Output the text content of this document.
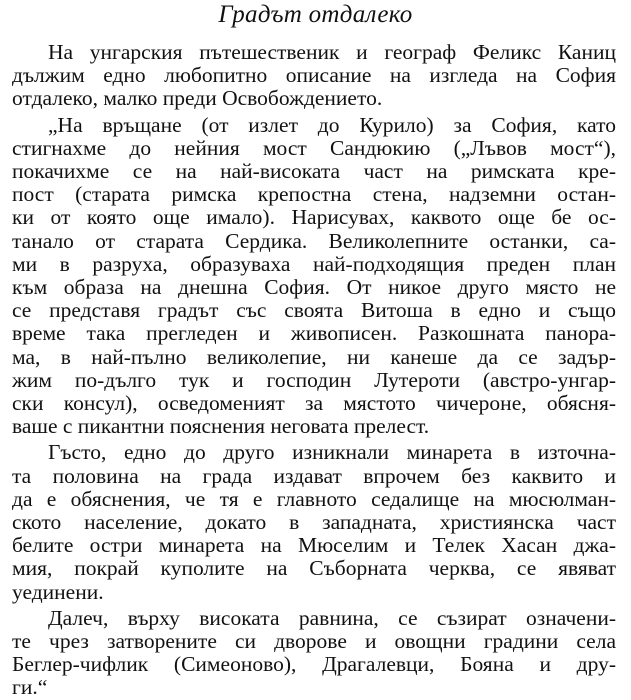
Градът отдалеко
На унгарския пътешественик и географ Феликс Каниц
дължим едно любопитно описание на изгледа на София
отдалеко, малко преди Освобождението.
„На връщане (от излет до Курило) за София, като
стигнахме до нейния мост Сандюкию („Лъвов мост“),
покачихме се на най-високата част на римската кре-
пост (старата римска крепостна стена, надземни остан-
ки от която още имало). Нарисувах, каквото още бе ос-
танало от старата Сердика. Великолепните останки, са-
ми в разруха, образуваха най-подходящия преден план
към образа на днешна София. От никое друго място не
се представя градът със своята Витоша в едно и също
време така прегледен и живописен. Разкошната панора-
ма, в най-пълно великолепие, ни канеше да се задър-
жим по-дълго тук и господин Лутероти (австро-унгар-
ски консул), осведоменият за мястото чичероне, обясня-
ваше с пикантни пояснения неговата прелест.
Гъсто, едно до друго изникнали минарета в източна-
та половина на града издават впрочем без каквито и
да е обяснения, че тя е главното седалище на мюсюлман-
ското население, докато в западната, християнска част
белите остри минарета на Мюселим и Телек Хасан джа-
мия, покрай куполите на Съборната черква, се явяват
уединени.
Далеч, върху високата равнина, се съзират означени-
те чрез затворените си дворове и овощни градини села
Беглер-чифлик (Симеоново), Драгалевци, Бояна и дру-
ги.“
